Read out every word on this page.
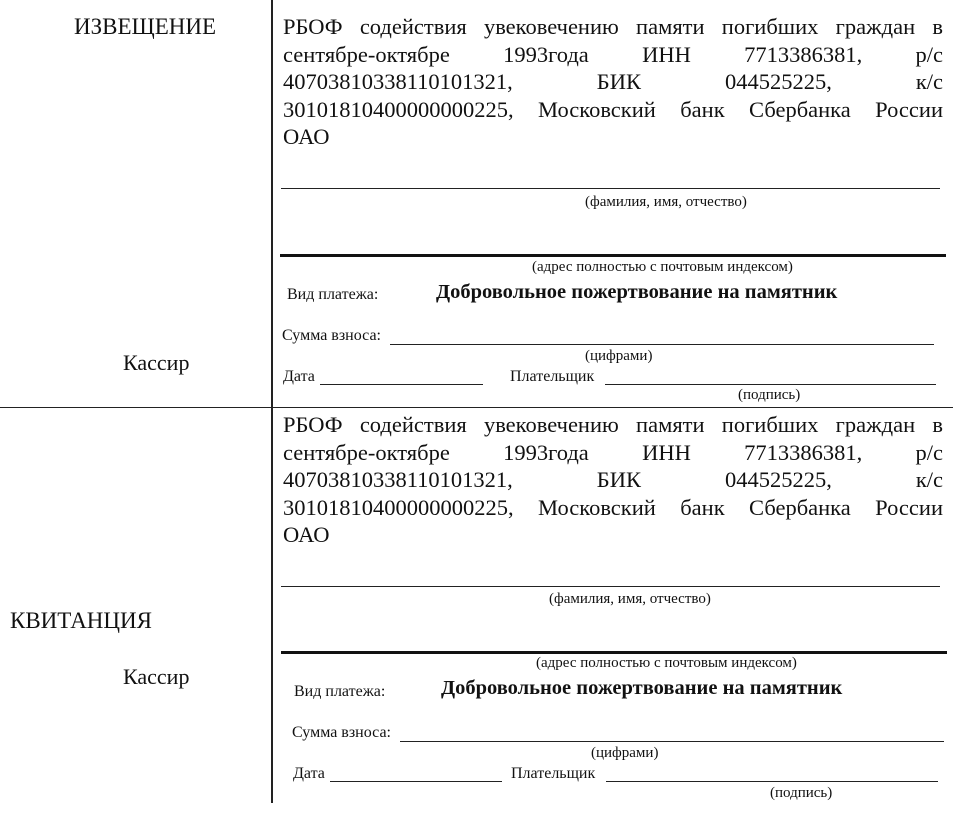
ИЗВЕЩЕНИЕ
Кассир

РБОФ содействия увековечению памяти погибших граждан в

сентябре-октябре 1993года ИНН 7713386381, р/с

40703810338110101321, БИК 044525225, к/с

30101810400000000225, Московский банк Сбербанка России

ОАО

(фамилия, имя, отчество)
(адрес полностью с почтовым индексом)
Вид платежа:	Добровольное пожертвование на памятник
Сумма взноса:
(цифрами)
Дата	Плательщик
(подпись)
КВИТАНЦИЯ
Кассир

РБОФ содействия увековечению памяти погибших граждан в

сентябре-октябре 1993года ИНН 7713386381, р/с

40703810338110101321, БИК 044525225, к/с

30101810400000000225, Московский банк Сбербанка России

ОАО

(фамилия, имя, отчество)
(адрес полностью с почтовым индексом)
Вид платежа:	Добровольное пожертвование на памятник
Сумма взноса:
(цифрами)
Дата	Плательщик
(подпись)
